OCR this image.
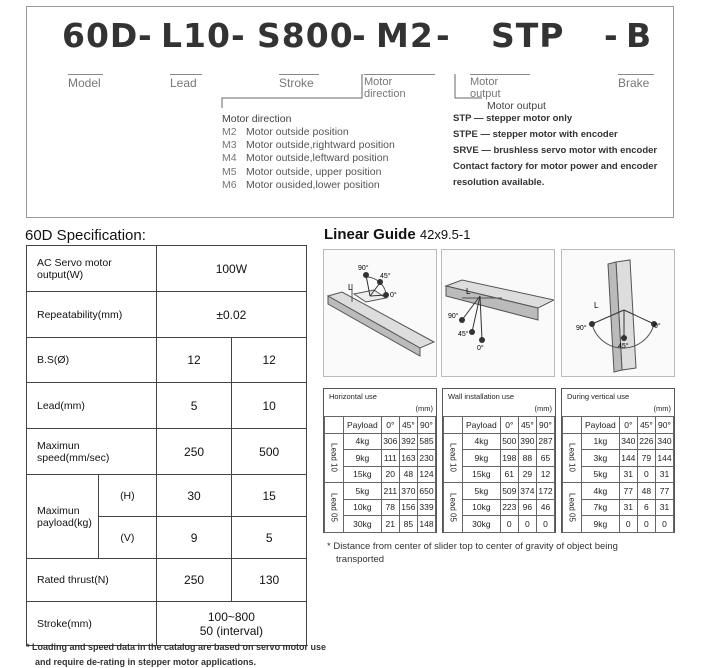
60D - L10 - S800
- M2 - STP - B
Model	Lead	Stroke	Motor direction
Motor output
Brake
Motor direction
M2 Motor outside position
M3 Motor outside,rightward position
M4 Motor outside,leftward position
M5 Motor outside, upper position
M6 Motor ousided,lower position
Motor output
STP — stepper motor only
STPE — stepper motor with encoder
SRVE — brushless servo motor with encoder
Contact factory for motor power and encoder
resolution available.
60D Specification:
AC Servo motor output(W)		100W	
Repeatability(mm)		±0.02	
B.S(Ø)		12	12
Lead(mm)		5	10
Maximun speed(mm/sec)		250	500
Maximun payload(kg)	(H)	30	15
	(V)	9	5
Rated thrust(N)		250	130
Stroke(mm)		100~800
50 (interval)	
* Loading and speed data in the catalog are based on servo motor use
and require de-rating in stepper motor applications.
Linear Guide 42x9.5-1
L
90°
45°
0°	L
90°
45°
0°
L
90°
45°
0°
Horizontal use
(mm)
	Payload	0°	45°	90°
Lead 10	4kg	306	392	585
	9kg	111	163	230
	15kg	20	48	124
Lead 05	5kg	211	370	650
	10kg	78	156	339
	30kg	21	85	148
Wall installation use
(mm)
	Payload	0°	45°	90°
Lead 10	4kg	500	390	287
	9kg	198	88	65
	15kg	61	29	12
Lead 05	5kg	509	374	172
	10kg	223	96	46
	30kg	0	0	0
During vertical use
(mm)
	Payload	0°	45°	90°
Lead 10	1kg	340	226	340
	3kg	144	79	144
	5kg	31	0	31
Lead 05	4kg	77	48	77
	7kg	31	6	31
	9kg	0	0	0
* Distance from center of slider top to center of gravity of object being
transported
